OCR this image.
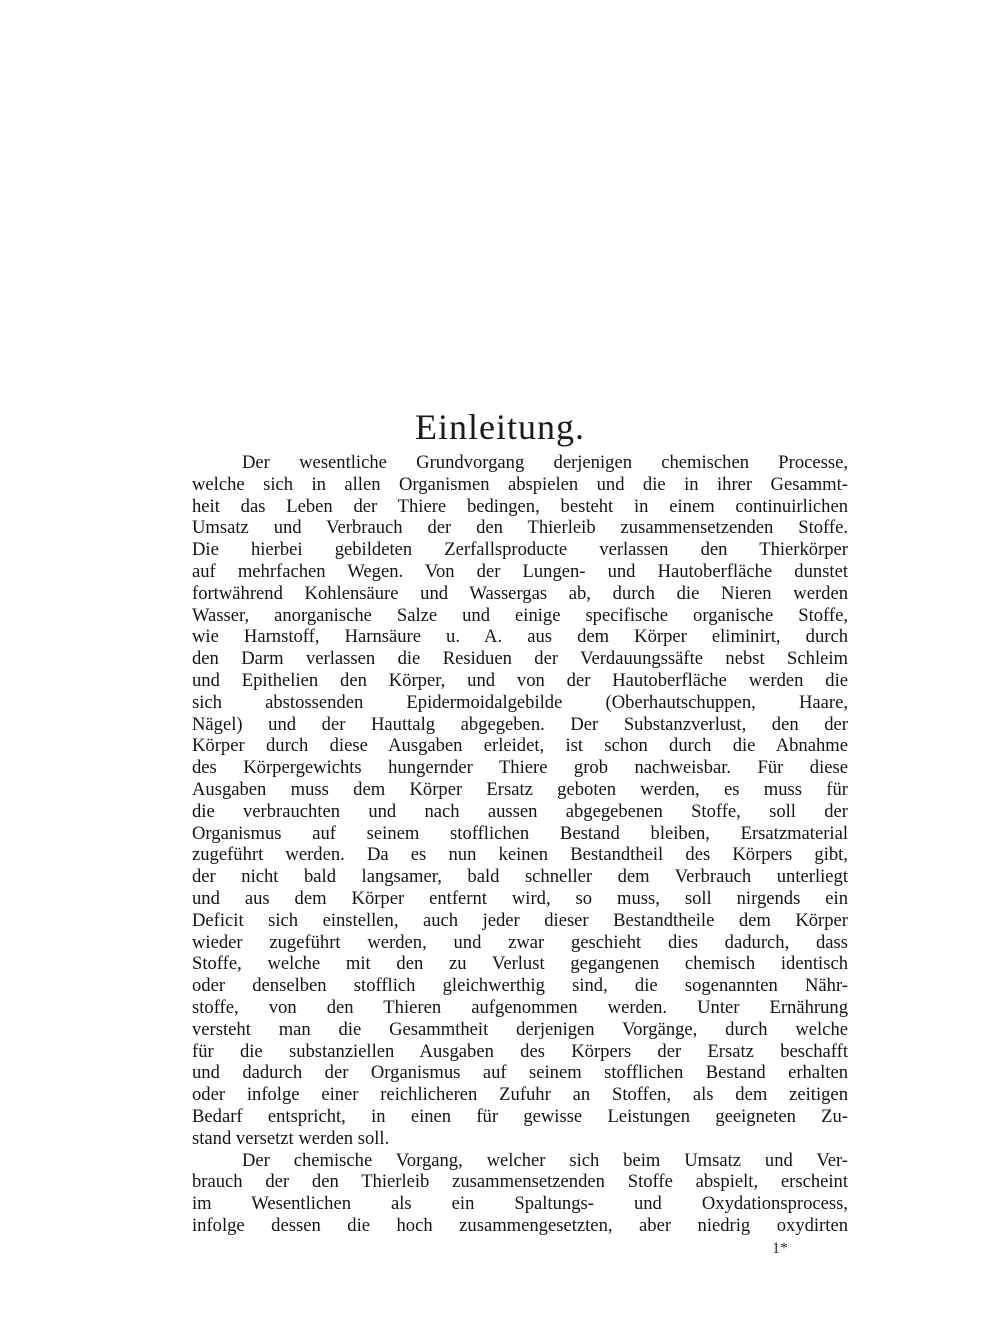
Einleitung.
Der wesentliche Grundvorgang derjenigen chemischen Processe,
welche sich in allen Organismen abspielen und die in ihrer Gesammt-
heit das Leben der Thiere bedingen, besteht in einem continuirlichen
Umsatz und Verbrauch der den Thierleib zusammensetzenden Stoffe.
Die hierbei gebildeten Zerfallsproducte verlassen den Thierkörper
auf mehrfachen Wegen. Von der Lungen- und Hautoberfläche dunstet
fortwährend Kohlensäure und Wassergas ab, durch die Nieren werden
Wasser, anorganische Salze und einige specifische organische Stoffe,
wie Harnstoff, Harnsäure u. A. aus dem Körper eliminirt, durch
den Darm verlassen die Residuen der Verdauungssäfte nebst Schleim
und Epithelien den Körper, und von der Hautoberfläche werden die
sich abstossenden Epidermoidalgebilde (Oberhautschuppen, Haare,
Nägel) und der Hauttalg abgegeben. Der Substanzverlust, den der
Körper durch diese Ausgaben erleidet, ist schon durch die Abnahme
des Körpergewichts hungernder Thiere grob nachweisbar. Für diese
Ausgaben muss dem Körper Ersatz geboten werden, es muss für
die verbrauchten und nach aussen abgegebenen Stoffe, soll der
Organismus auf seinem stofflichen Bestand bleiben, Ersatzmaterial
zugeführt werden. Da es nun keinen Bestandtheil des Körpers gibt,
der nicht bald langsamer, bald schneller dem Verbrauch unterliegt
und aus dem Körper entfernt wird, so muss, soll nirgends ein
Deficit sich einstellen, auch jeder dieser Bestandtheile dem Körper
wieder zugeführt werden, und zwar geschieht dies dadurch, dass
Stoffe, welche mit den zu Verlust gegangenen chemisch identisch
oder denselben stofflich gleichwerthig sind, die sogenannten Nähr-
stoffe, von den Thieren aufgenommen werden. Unter Ernährung
versteht man die Gesammtheit derjenigen Vorgänge, durch welche
für die substanziellen Ausgaben des Körpers der Ersatz beschafft
und dadurch der Organismus auf seinem stofflichen Bestand erhalten
oder infolge einer reichlicheren Zufuhr an Stoffen, als dem zeitigen
Bedarf entspricht, in einen für gewisse Leistungen geeigneten Zu-
stand versetzt werden soll.
Der chemische Vorgang, welcher sich beim Umsatz und Ver-
brauch der den Thierleib zusammensetzenden Stoffe abspielt, erscheint
im Wesentlichen als ein Spaltungs- und Oxydationsprocess,
infolge dessen die hoch zusammengesetzten, aber niedrig oxydirten
1*
